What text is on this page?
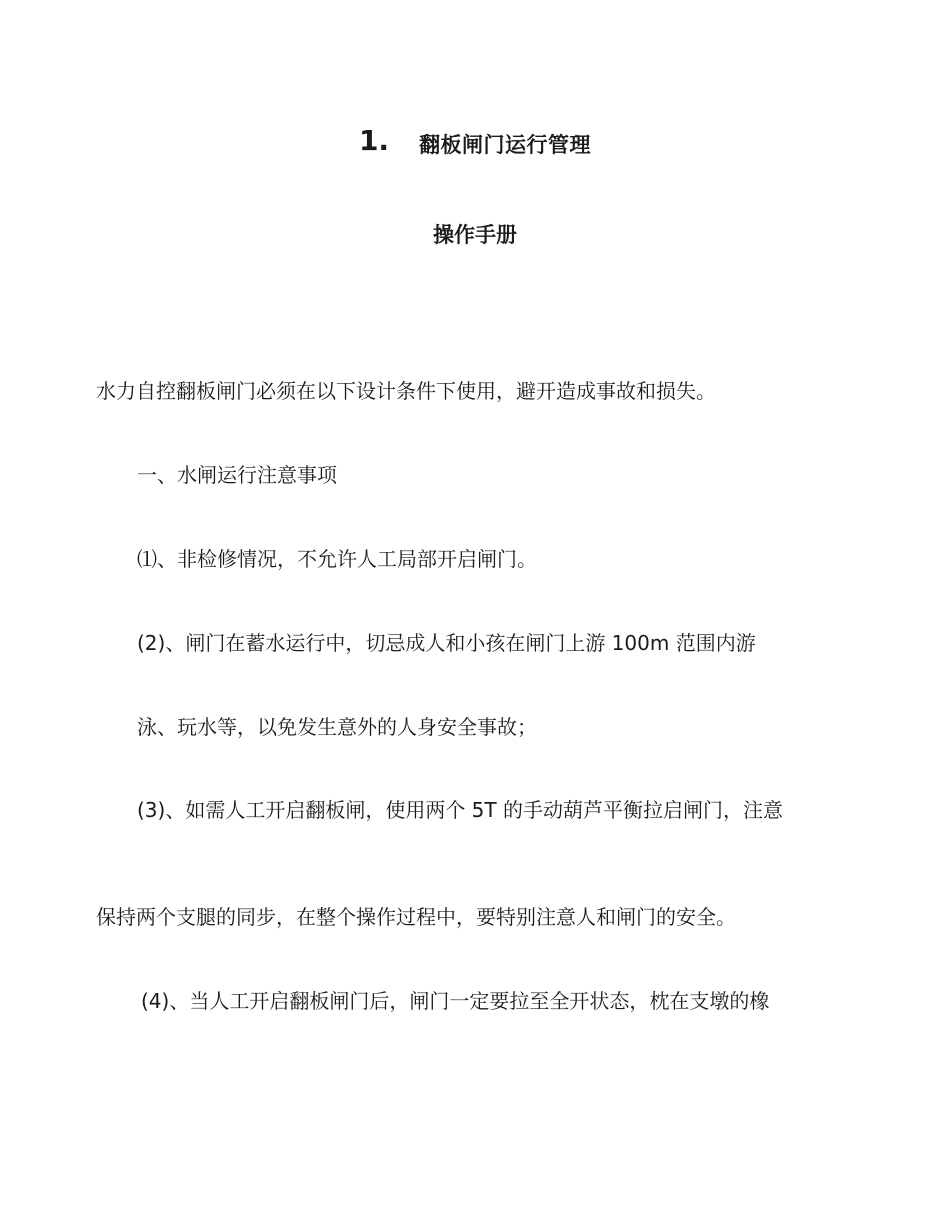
1. 翻板闸门运行管理
操作手册
水力自控翻板闸门必须在以下设计条件下使用，避开造成事故和损失。
一、水闸运行注意事项
⑴、非检修情况，不允许人工局部开启闸门。
(2)、闸门在蓄水运行中，切忌成人和小孩在闸门上游 100m 范围内游
泳、玩水等，以免发生意外的人身安全事故；
(3)、如需人工开启翻板闸，使用两个 5T 的手动葫芦平衡拉启闸门，注意
保持两个支腿的同步，在整个操作过程中，要特别注意人和闸门的安全。
(4)、当人工开启翻板闸门后，闸门一定要拉至全开状态，枕在支墩的橡
